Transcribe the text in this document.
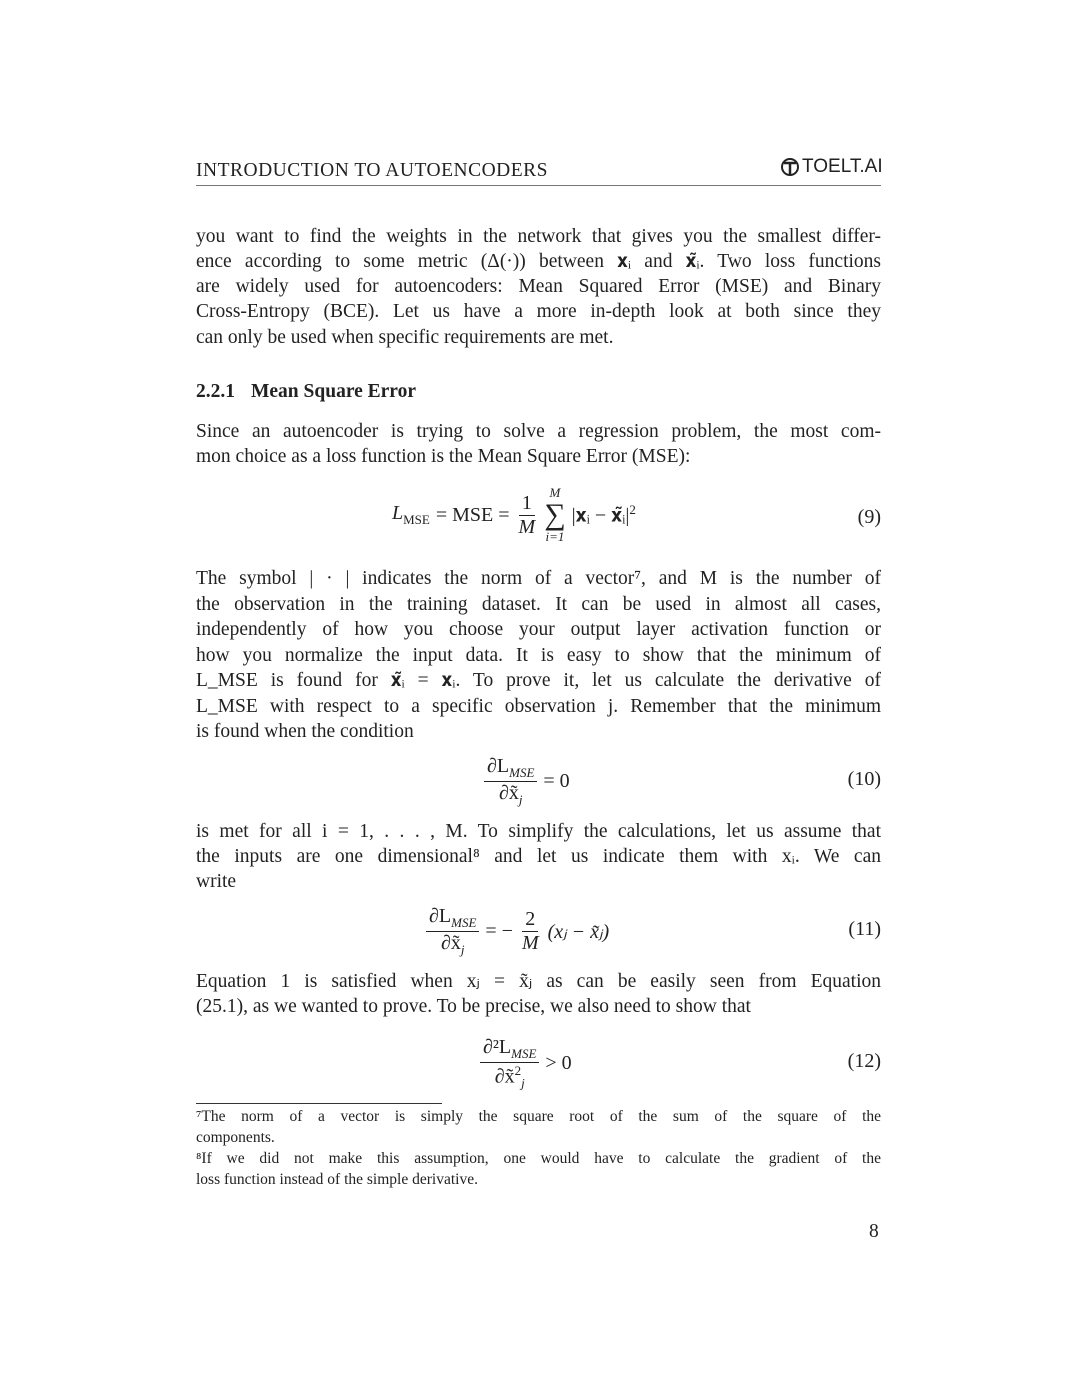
INTRODUCTION TO AUTOENCODERS	TOELT.AI
you want to find the weights in the network that gives you the smallest differ-
ence according to some metric (Δ(·)) between 𝐱ᵢ and 𝐱̃ᵢ. Two loss functions
are widely used for autoencoders: Mean Squared Error (MSE) and Binary
Cross-Entropy (BCE). Let us have a more in-depth look at both since they
can only be used when specific requirements are met.
2.2.1 Mean Square Error
Since an autoencoder is trying to solve a regression problem, the most com-
mon choice as a loss function is the Mean Square Error (MSE):
$L_{MSE}$ = MSE = $\frac{1}{M}$ M
∑
i=1
|𝐱ᵢ − $𝐱̃ᵢ|^2$	(9)
The symbol | · | indicates the norm of a vector⁷, and M is the number of
the observation in the training dataset. It can be used in almost all cases,
independently of how you choose your output layer activation function or
how you normalize the input data. It is easy to show that the minimum of
L_MSE is found for 𝐱̃ᵢ = 𝐱ᵢ. To prove it, let us calculate the derivative of
L_MSE with respect to a specific observation j. Remember that the minimum
is found when the condition
$\frac{\partial L_{MSE}}{\partial x̃_j} = 0$	(10)
is met for all i = 1, . . . , M. To simplify the calculations, let us assume that
the inputs are one dimensional⁸ and let us indicate them with xᵢ. We can
write
$\frac{\partial L_{MSE}}{\partial x̃_j}$ = − $\frac{2}{M}$ (xⱼ − x̃ⱼ)	(11)
Equation 1 is satisfied when xⱼ = x̃ⱼ as can be easily seen from Equation
(25.1), as we wanted to prove. To be precise, we also need to show that
$\frac{\partial^2L_{MSE}}{\partial x̃^2_j} > 0$	(12)
⁷The norm of a vector is simply the square root of the sum of the square of the
components.
⁸If we did not make this assumption, one would have to calculate the gradient of the
loss function instead of the simple derivative.
8
